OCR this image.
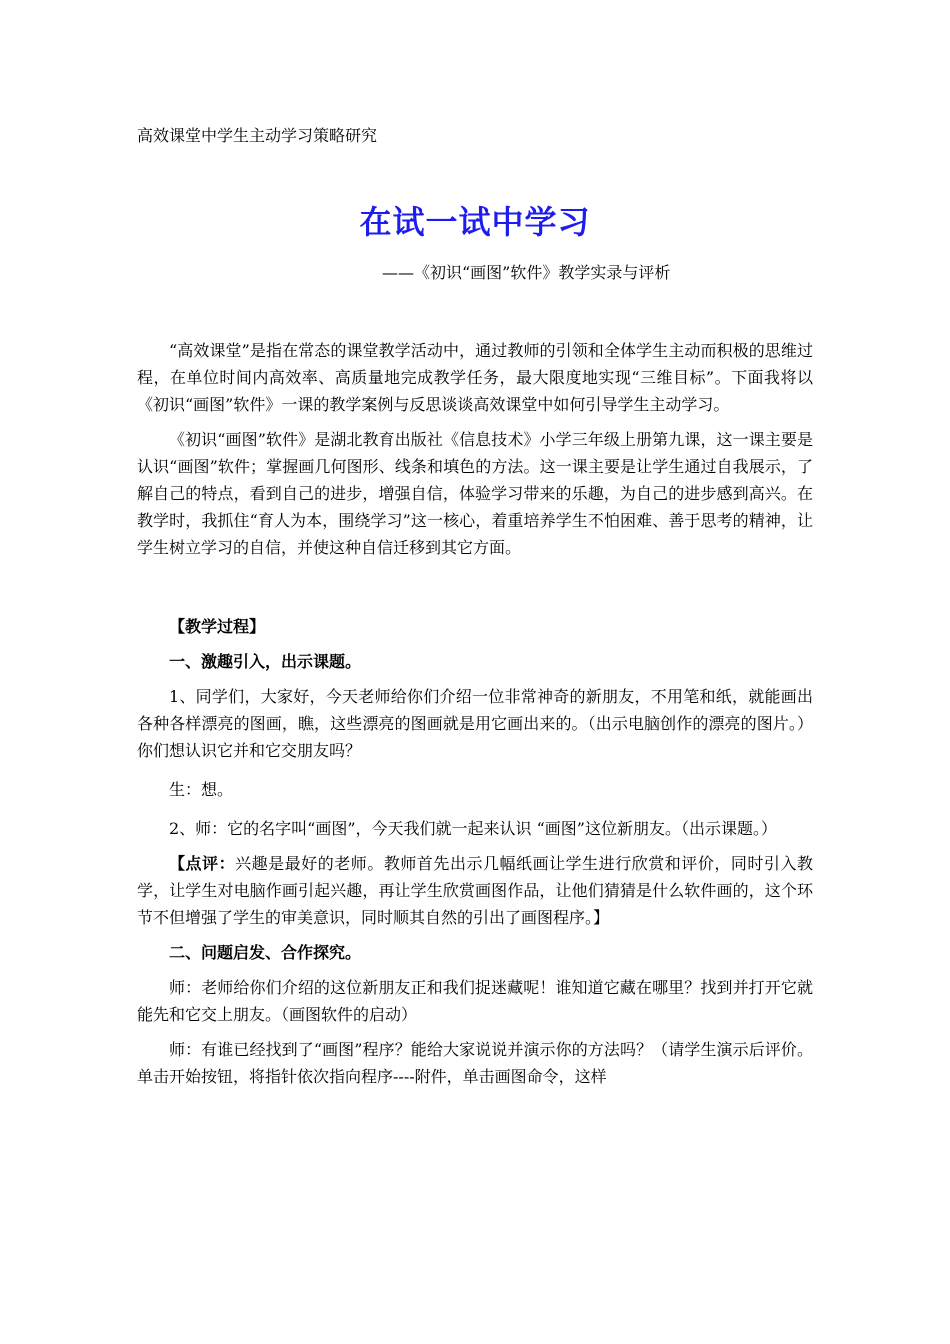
高效课堂中学生主动学习策略研究
在试一试中学习
——《初识“画图”软件》教学实录与评析

“高效课堂”是指在常态的课堂教学活动中，通过教师的引领和全体学生主动而积极的思维过程，在单位时间内高效率、高质量地完成教学任务，最大限度地实现“三维目标”。下面我将以《初识“画图”软件》一课的教学案例与反思谈谈高效课堂中如何引导学生主动学习。

《初识“画图”软件》是湖北教育出版社《信息技术》小学三年级上册第九课，这一课主要是认识“画图”软件；掌握画几何图形、线条和填色的方法。这一课主要是让学生通过自我展示，了解自己的特点，看到自己的进步，增强自信，体验学习带来的乐趣，为自己的进步感到高兴。在教学时，我抓住“育人为本，围绕学习”这一核心，着重培养学生不怕困难、善于思考的精神，让学生树立学习的自信，并使这种自信迁移到其它方面。

【教学过程】

一、激趣引入，出示课题。

1、同学们，大家好，今天老师给你们介绍一位非常神奇的新朋友，不用笔和纸，就能画出各种各样漂亮的图画，瞧，这些漂亮的图画就是用它画出来的。（出示电脑创作的漂亮的图片。）你们想认识它并和它交朋友吗？

生：想。

2、师：它的名字叫“画图”，今天我们就一起来认识 “画图”这位新朋友。（出示课题。）

【点评：兴趣是最好的老师。教师首先出示几幅纸画让学生进行欣赏和评价，同时引入教学，让学生对电脑作画引起兴趣，再让学生欣赏画图作品，让他们猜猜是什么软件画的，这个环节不但增强了学生的审美意识，同时顺其自然的引出了画图程序。】

二、问题启发、合作探究。

师：老师给你们介绍的这位新朋友正和我们捉迷藏呢！谁知道它藏在哪里？找到并打开它就能先和它交上朋友。（画图软件的启动）

师：有谁已经找到了“画图”程序？能给大家说说并演示你的方法吗？（请学生演示后评价。单击开始按钮，将指针依次指向程序----附件，单击画图命令，这样
